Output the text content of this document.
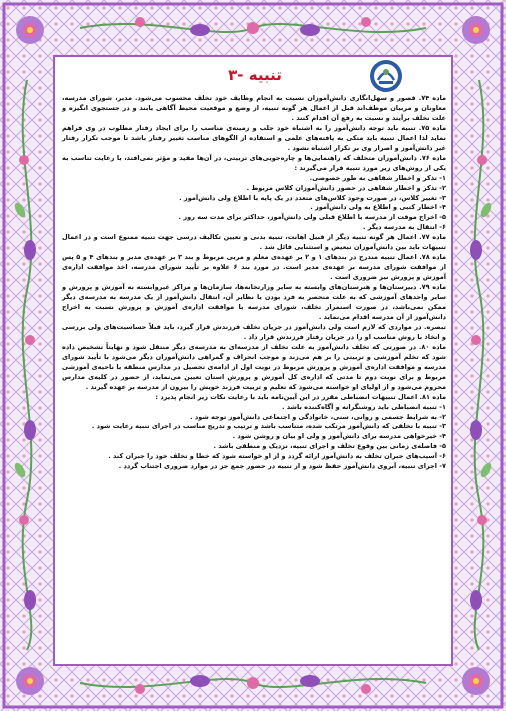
۳- تنبیه

ماده ۷۴. قصور و سهل‌انگاری دانش‌آموزان نسبت به انجام وظایف خود تخلف محسوب می‌شود. مدیر، شورای مدرسه، معاونان و مربیان موظف‌اند قبل از اعمال هر گونه تنبیه، از وضع و موقعیت محیط آگاهی یابند و در جستجوی انگیزه و علت تخلف برآیند و نسبت به رفع آن اقدام کنند .

ماده ۷۵. تنبیه باید توجه دانش‌آموز را به اشتباه خود جلب و زمینه‌ی مناسب را برای ایجاد رفتار مطلوب در وی فراهم نماید لذا اعمال تنبیه باید متکی به یافته‌های علمی و استفاده از الگوهای مناسب تغییر رفتار باشد تا موجب تکرار رفتار غیر دانش‌آموز و اصرار وی بر تکرار اشتباه نشود .

ماده ۷۶. دانش‌آموزان متخلف که راهنمایی‌ها و چاره‌جویی‌های تربیتی، در آن‌ها مفید و مؤثر نمی‌افتد، با رعایت تناسب به یکی از روش‌های زیر مورد تنبیه قرار می‌گیرند :

۱- تذکر و اخطار شفاهی به طور خصوصی.

۲- تذکر و اخطار شفاهی در حضور دانش‌آموزان کلاس مربوط .

۳- تغییر کلاس، در صورت وجود کلاس‌های متعدد در یک پایه با اطلاع ولی دانش‌آموز .

۴- اخطار کتبی و اطلاع به ولی دانش‌آموز .

۵- اخراج موقت از مدرسه با اطلاع قبلی ولی دانش‌آموز، حداکثر برای مدت سه روز .

۶- انتقال به مدرسه دیگر .

ماده ۷۷. اعمال هر گونه تنبیه دیگر از قبیل اهانت، تنبیه بدنی و تعیین تکالیف درسی جهت تنبیه ممنوع است و در اعمال تنبیهات باید بین دانش‌آموزان تبعیض و استثنایی قائل شد .

ماده ۷۸. اعمال تنبیه مندرج در بندهای ۱ و ۲ بر عهده‌ی معلم و مربی مربوط و بند ۳ بر عهده‌ی مدیر و بندهای ۴ و ۵ پس از موافقت شورای مدرسه بر عهده‌ی مدیر است. در مورد بند ۶ علاوه بر تأیید شورای مدرسه، اخذ موافقت اداره‌ی آموزش و پرورش نیز ضروری است .

ماده ۷۹. دبیرستان‌ها و هنرستان‌های وابسته به سایر وزارتخانه‌ها، سازمان‌ها و مراکز غیروابسته به آموزش و پرورش و سایر واحدهای آموزشی که به علت منحصر به فرد بودن یا نظایر آن، انتقال دانش‌آموز از یک مدرسه به مدرسه‌ی دیگر ممکن نمی‌باشد، در صورت استمرار تخلف، شورای مدرسه با موافقت اداره‌ی آموزش و پرورش نسبت به اخراج دانش‌آموز از آن مدرسه اقدام می‌نماید .

تبصره. در مواردی که لازم است ولی دانش‌آموز در جریان تخلف فرزندش قرار گیرد، باید قبلاً حساسیت‌های ولی بررسی و اتخاذ با روش مناسب او را در جریان رفتار فرزندش قرار داد .

ماده ۸۰. در صورتی که تخلف دانش‌آموز به علت تخلف از مدرسه‌ای به مدرسه‌ی دیگر منتقل شود و نهایتاً تشخیص داده شود که تخلم آموزشی و تربیتی را بر هم می‌زند و موجب انحراف و گمراهی دانش‌آموزان دیگر می‌شود با تأیید شورای مدرسه و موافقت اداره‌ی آموزش و پرورش مربوط در نوبت اول از ادامه‌ی تحصیل در مدارس منطقه یا ناحیه‌ی آموزشی مربوط و برای نوبت دوم تا مدتی که اداره‌ی کل آموزش و پرورش استان تعیین می‌نماید، از حضور در کلیه‌ی مدارس محروم می‌شود و از اولیای او خواسته می‌شود که تعلیم و تربیت فرزند خویش را بیرون از مدرسه بر عهده گیرند .

ماده ۸۱. اعمال تنبیهات انضباطی مقرر در این آیین‌نامه باید با رعایت نکات زیر انجام پذیرد :

۱- تنبیه انضباطی باید روشنگرانه و آگاه‌کننده باشد .

۲- به شرایط جسمی و روانی، سنی، خانوادگی و اجتماعی دانش‌آموز توجه شود .

۳- تنبیه با تخلفی که دانش‌آموز مرتکب شده، متناسب باشد و ترتیب و تدریج مناسب در اجرای تنبیه رعایت شود .

۴- خیرخواهی مدرسه برای دانش‌آموز و ولی او بیان و روشن شود .

۵- فاصله‌ی زمانی بین وقوع تخلف و اجرای تنبیه، نزدیک و منطقی باشد .

۶- آسیب‌های جبران تخلف به دانش‌آموز ارائه گردد و از او خواسته شود که خطا و تخلف خود را جبران کند .

۷- اجرای تنبیه، آبروی دانش‌آموز حفظ شود و از تنبیه در حضور جمع جز در موارد ضروری اجتناب گردد .
